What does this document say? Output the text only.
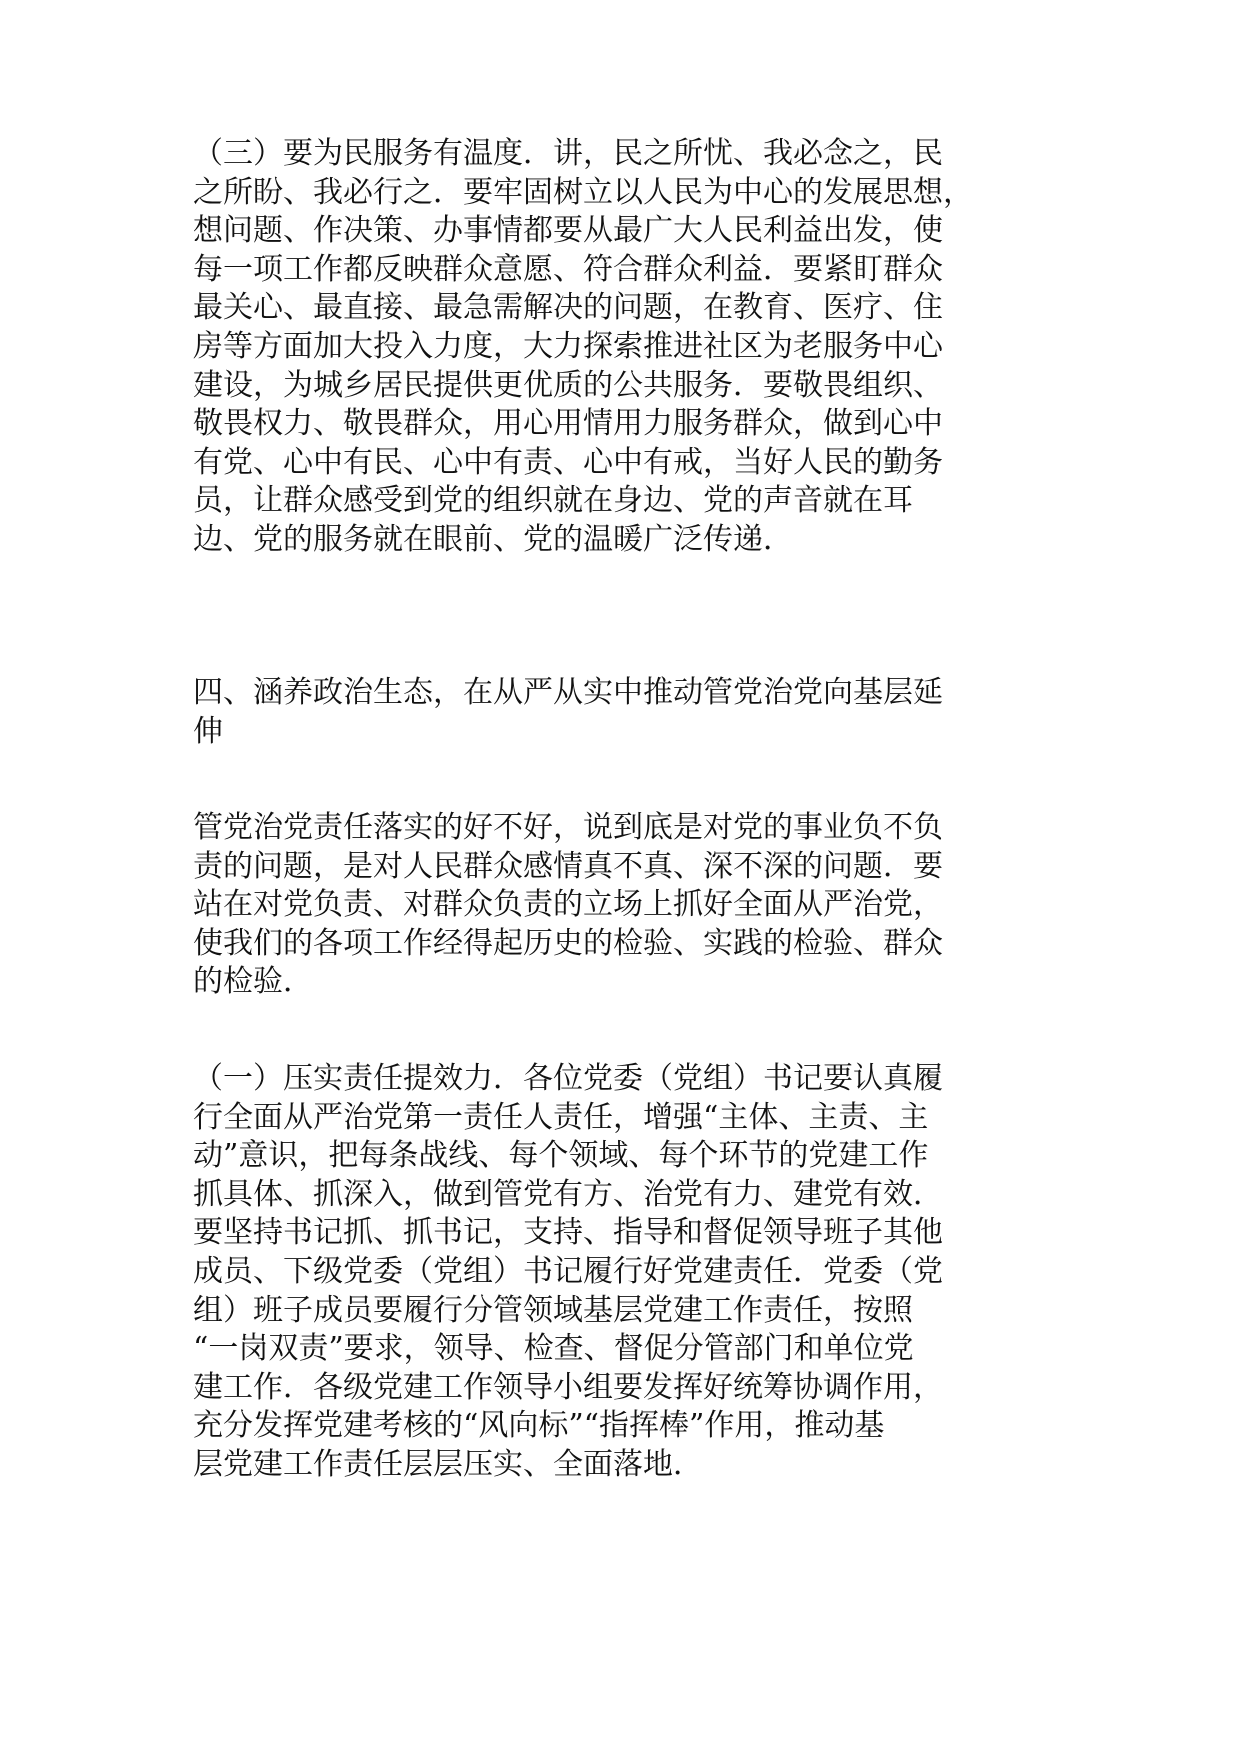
（三）要为民服务有温度．讲，民之所忧、我必念之，民
之所盼、我必行之．要牢固树立以人民为中心的发展思想，
想问题、作决策、办事情都要从最广大人民利益出发，使
每一项工作都反映群众意愿、符合群众利益．要紧盯群众
最关心、最直接、最急需解决的问题，在教育、医疗、住
房等方面加大投入力度，大力探索推进社区为老服务中心
建设，为城乡居民提供更优质的公共服务．要敬畏组织、
敬畏权力、敬畏群众，用心用情用力服务群众，做到心中
有党、心中有民、心中有责、心中有戒，当好人民的勤务
员，让群众感受到党的组织就在身边、党的声音就在耳
边、党的服务就在眼前、党的温暖广泛传递．
四、涵养政治生态，在从严从实中推动管党治党向基层延
伸
管党治党责任落实的好不好，说到底是对党的事业负不负
责的问题，是对人民群众感情真不真、深不深的问题．要
站在对党负责、对群众负责的立场上抓好全面从严治党，
使我们的各项工作经得起历史的检验、实践的检验、群众
的检验．
（一）压实责任提效力．各位党委（党组）书记要认真履
行全面从严治党第一责任人责任，增强“主体、主责、主
动”意识，把每条战线、每个领域、每个环节的党建工作
抓具体、抓深入，做到管党有方、治党有力、建党有效．
要坚持书记抓、抓书记，支持、指导和督促领导班子其他
成员、下级党委（党组）书记履行好党建责任．党委（党
组）班子成员要履行分管领域基层党建工作责任，按照
“一岗双责”要求，领导、检查、督促分管部门和单位党
建工作．各级党建工作领导小组要发挥好统筹协调作用，
充分发挥党建考核的“风向标”“指挥棒”作用，推动基
层党建工作责任层层压实、全面落地．
